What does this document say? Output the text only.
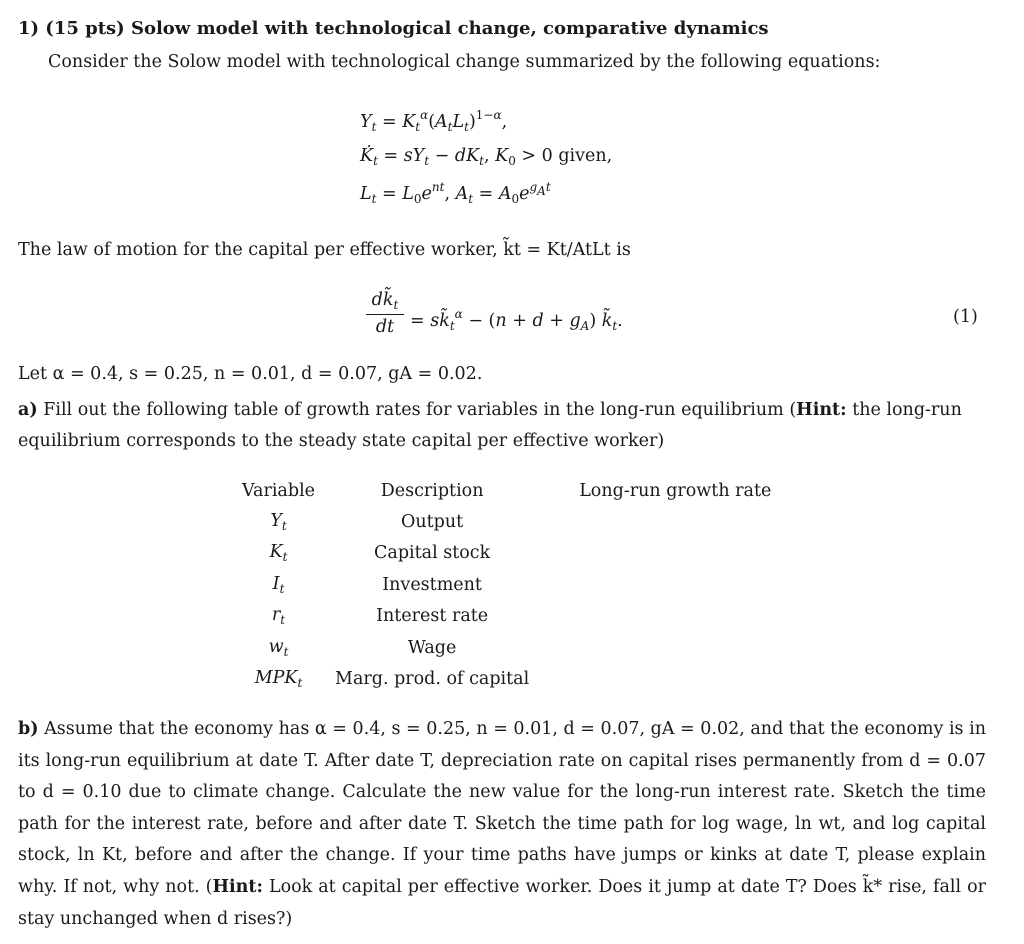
1) (15 pts) Solow model with technological change, comparative dynamics
Consider the Solow model with technological change summarized by the following equations:
$Y_t = K_t^\alpha(A_tL_t)^{1-\alpha}$,
$K̇_t = sY_t - dK_t$, $K_0 > 0$ given,
$L_t = L_0e^{nt}$, $A_t = A_0e^{g_At}$
The law of motion for the capital per effective worker, k̃t = Kt/AtLt is
$\frac{dk̃_t}{dt}$ = $sk̃_t^\alpha - (n + d + g_A)$ $k̃_t$.	(1)
Let α = 0.4, s = 0.25, n = 0.01, d = 0.07, gA = 0.02.
a) Fill out the following table of growth rates for variables in the long-run equilibrium (Hint: the long-run equilibrium corresponds to the steady state capital per effective worker)
Variable	Description	Long-run growth rate
$Y_t$	Output	
$K_t$	Capital stock	
$I_t$	Investment	
$r_t$	Interest rate	
$w_t$	Wage	
$MPK_t$	Marg. prod. of capital	
b) Assume that the economy has α = 0.4, s = 0.25, n = 0.01, d = 0.07, gA = 0.02, and that the economy is in its long-run equilibrium at date T. After date T, depreciation rate on capital rises permanently from d = 0.07 to d = 0.10 due to climate change. Calculate the new value for the long-run interest rate. Sketch the time path for the interest rate, before and after date T. Sketch the time path for log wage, ln wt, and log capital stock, ln Kt, before and after the change. If your time paths have jumps or kinks at date T, please explain why. If not, why not. (Hint: Look at capital per effective worker. Does it jump at date T? Does k̃* rise, fall or stay unchanged when d rises?)
